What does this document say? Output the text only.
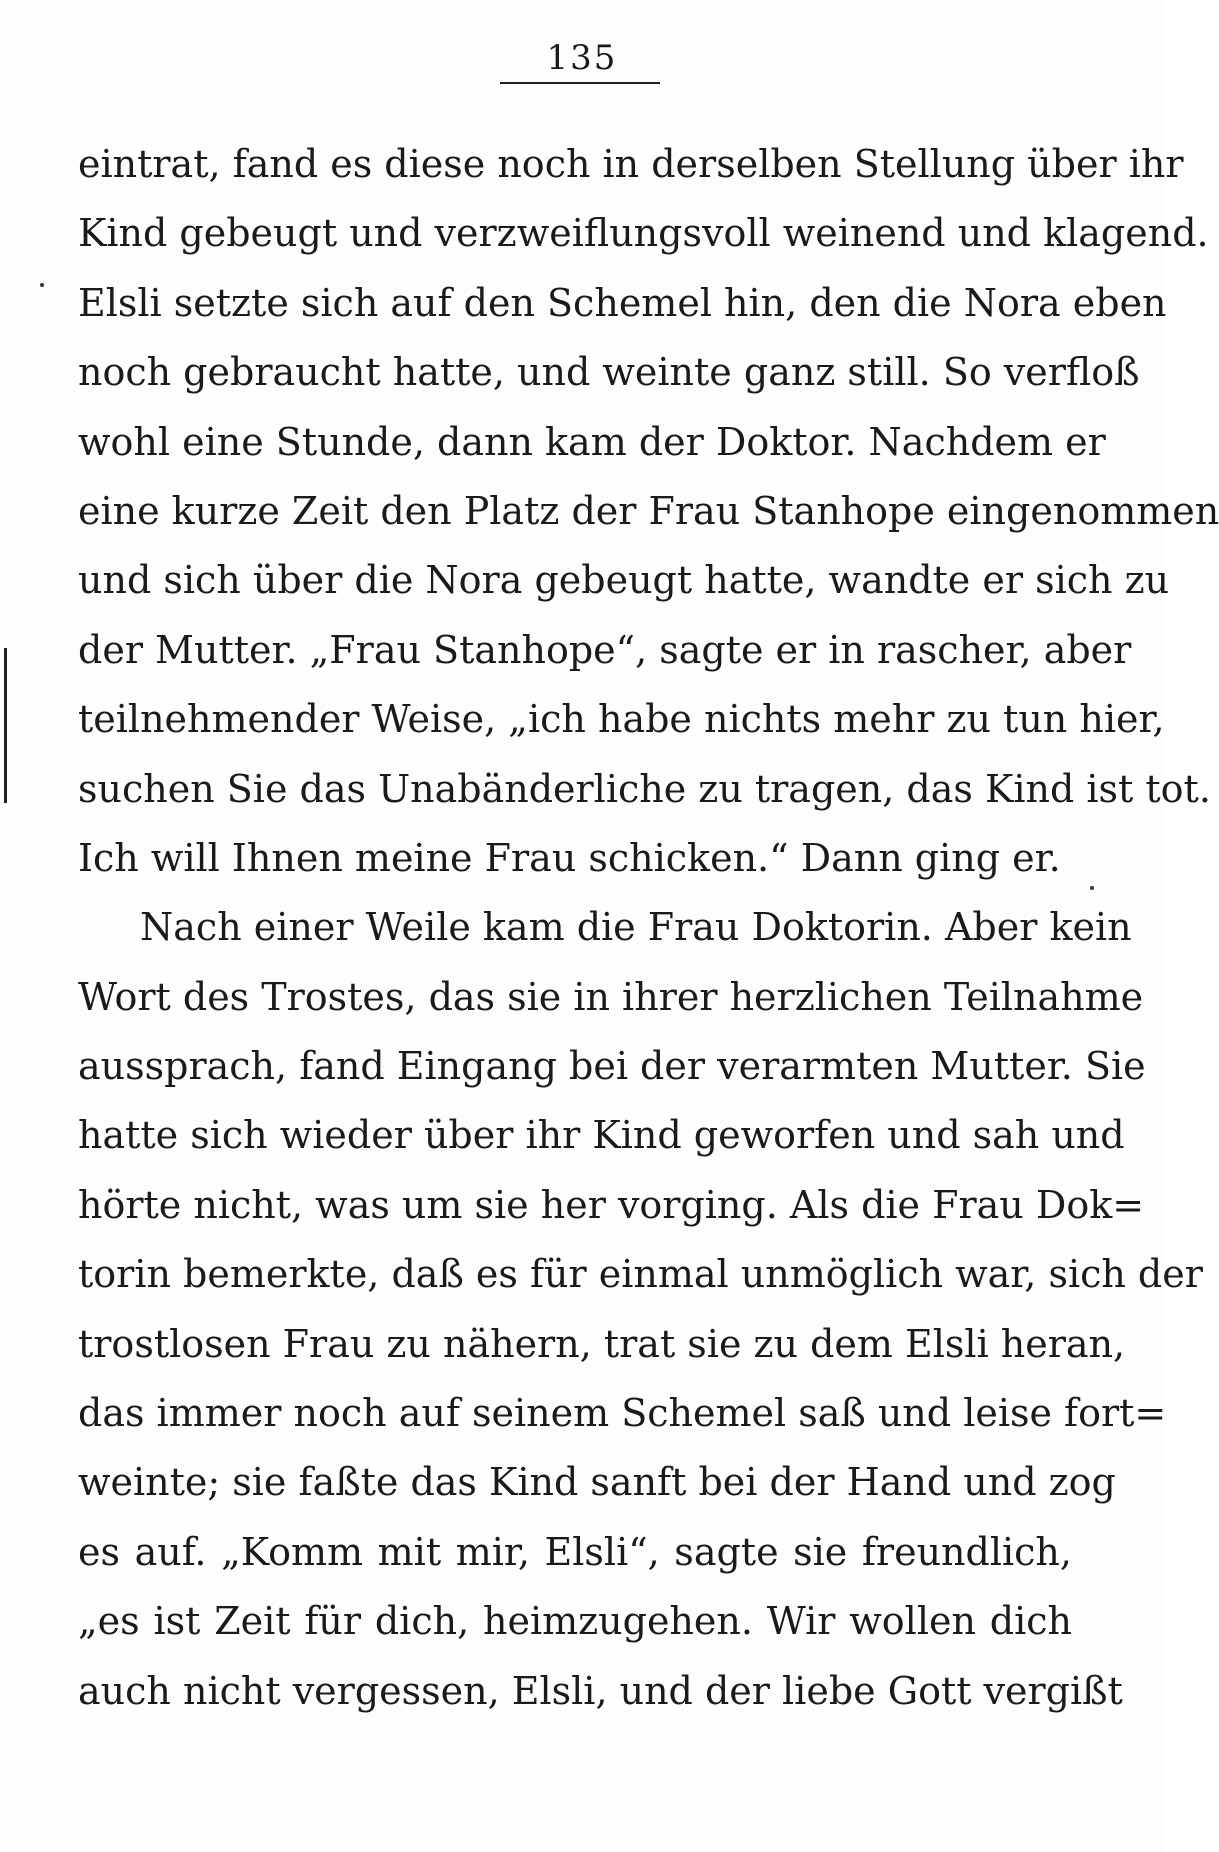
135
eintrat, fand es diese noch in derselben Stellung über ihr
Kind gebeugt und verzweiflungsvoll weinend und klagend.
Elsli setzte sich auf den Schemel hin, den die Nora eben
noch gebraucht hatte, und weinte ganz still. So verfloß
wohl eine Stunde, dann kam der Doktor. Nachdem er
eine kurze Zeit den Platz der Frau Stanhope eingenommen
und sich über die Nora gebeugt hatte, wandte er sich zu
der Mutter. „Frau Stanhope“, sagte er in rascher, aber
teilnehmender Weise, „ich habe nichts mehr zu tun hier,
suchen Sie das Unabänderliche zu tragen, das Kind ist tot.
Ich will Ihnen meine Frau schicken.“ Dann ging er.
Nach einer Weile kam die Frau Doktorin. Aber kein
Wort des Trostes, das sie in ihrer herzlichen Teilnahme
aussprach, fand Eingang bei der verarmten Mutter. Sie
hatte sich wieder über ihr Kind geworfen und sah und
hörte nicht, was um sie her vorging. Als die Frau Dok=
torin bemerkte, daß es für einmal unmöglich war, sich der
trostlosen Frau zu nähern, trat sie zu dem Elsli heran,
das immer noch auf seinem Schemel saß und leise fort=
weinte; sie faßte das Kind sanft bei der Hand und zog
es auf. „Komm mit mir, Elsli“, sagte sie freundlich,
„es ist Zeit für dich, heimzugehen. Wir wollen dich
auch nicht vergessen, Elsli, und der liebe Gott vergißt
